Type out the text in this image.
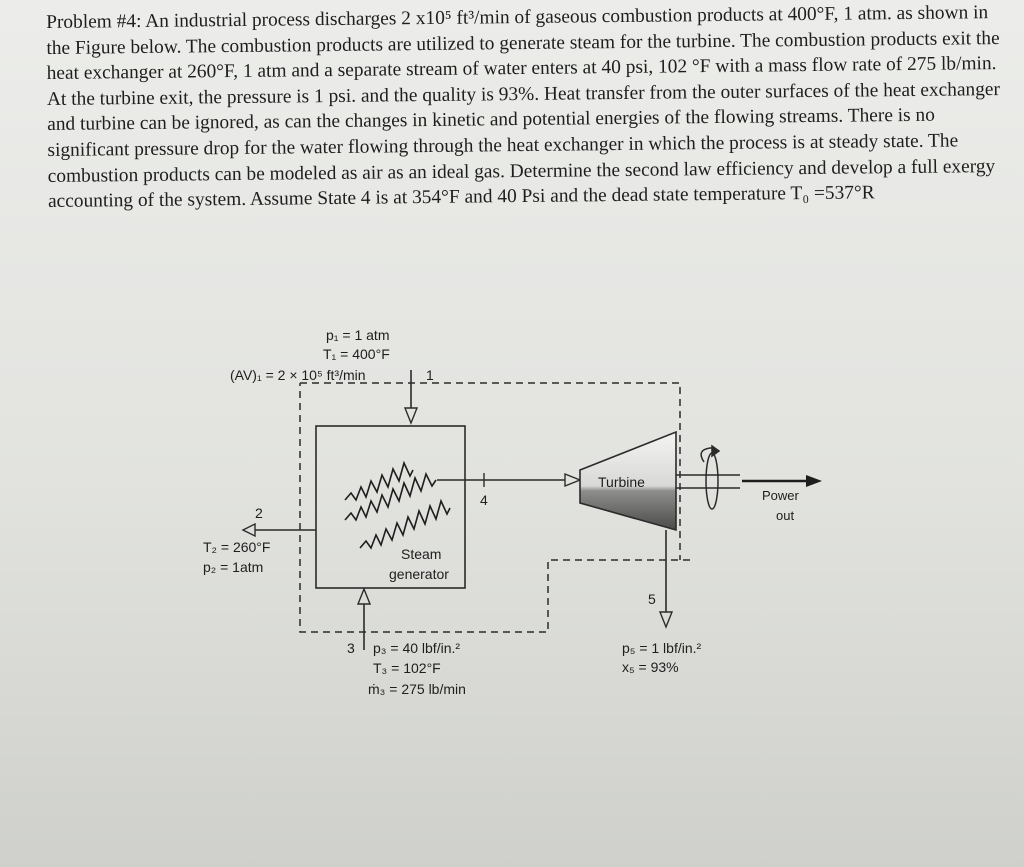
Problem #4: An industrial process discharges 2 x10⁵ ft³/min of gaseous combustion products at 400°F, 1 atm. as shown in the Figure below. The combustion products are utilized to generate steam for the turbine. The combustion products exit the heat exchanger at 260°F, 1 atm and a separate stream of water enters at 40 psi, 102 °F with a mass flow rate of 275 lb/min. At the turbine exit, the pressure is 1 psi. and the quality is 93%. Heat transfer from the outer surfaces of the heat exchanger and turbine can be ignored, as can the changes in kinetic and potential energies of the flowing streams. There is no significant pressure drop for the water flowing through the heat exchanger in which the process is at steady state. The combustion products can be modeled as air as an ideal gas. Determine the second law efficiency and develop a full exergy accounting of the system. Assume State 4 is at 354°F and 40 Psi and the dead state temperature T₀ =537°R

p₁ = 1 atm
T₁ = 400°F
(AV)₁ = 2 × 10⁵ ft³/min	1
2
T₂ = 260°F
p₂ = 1atm
4
Steam
generator
Turbine
Power
out
5
p₅ = 1 lbf/in.²
x₅ = 93%
3 p₃ = 40 lbf/in.²
T₃ = 102°F
ṁ₃ = 275 lb/min
